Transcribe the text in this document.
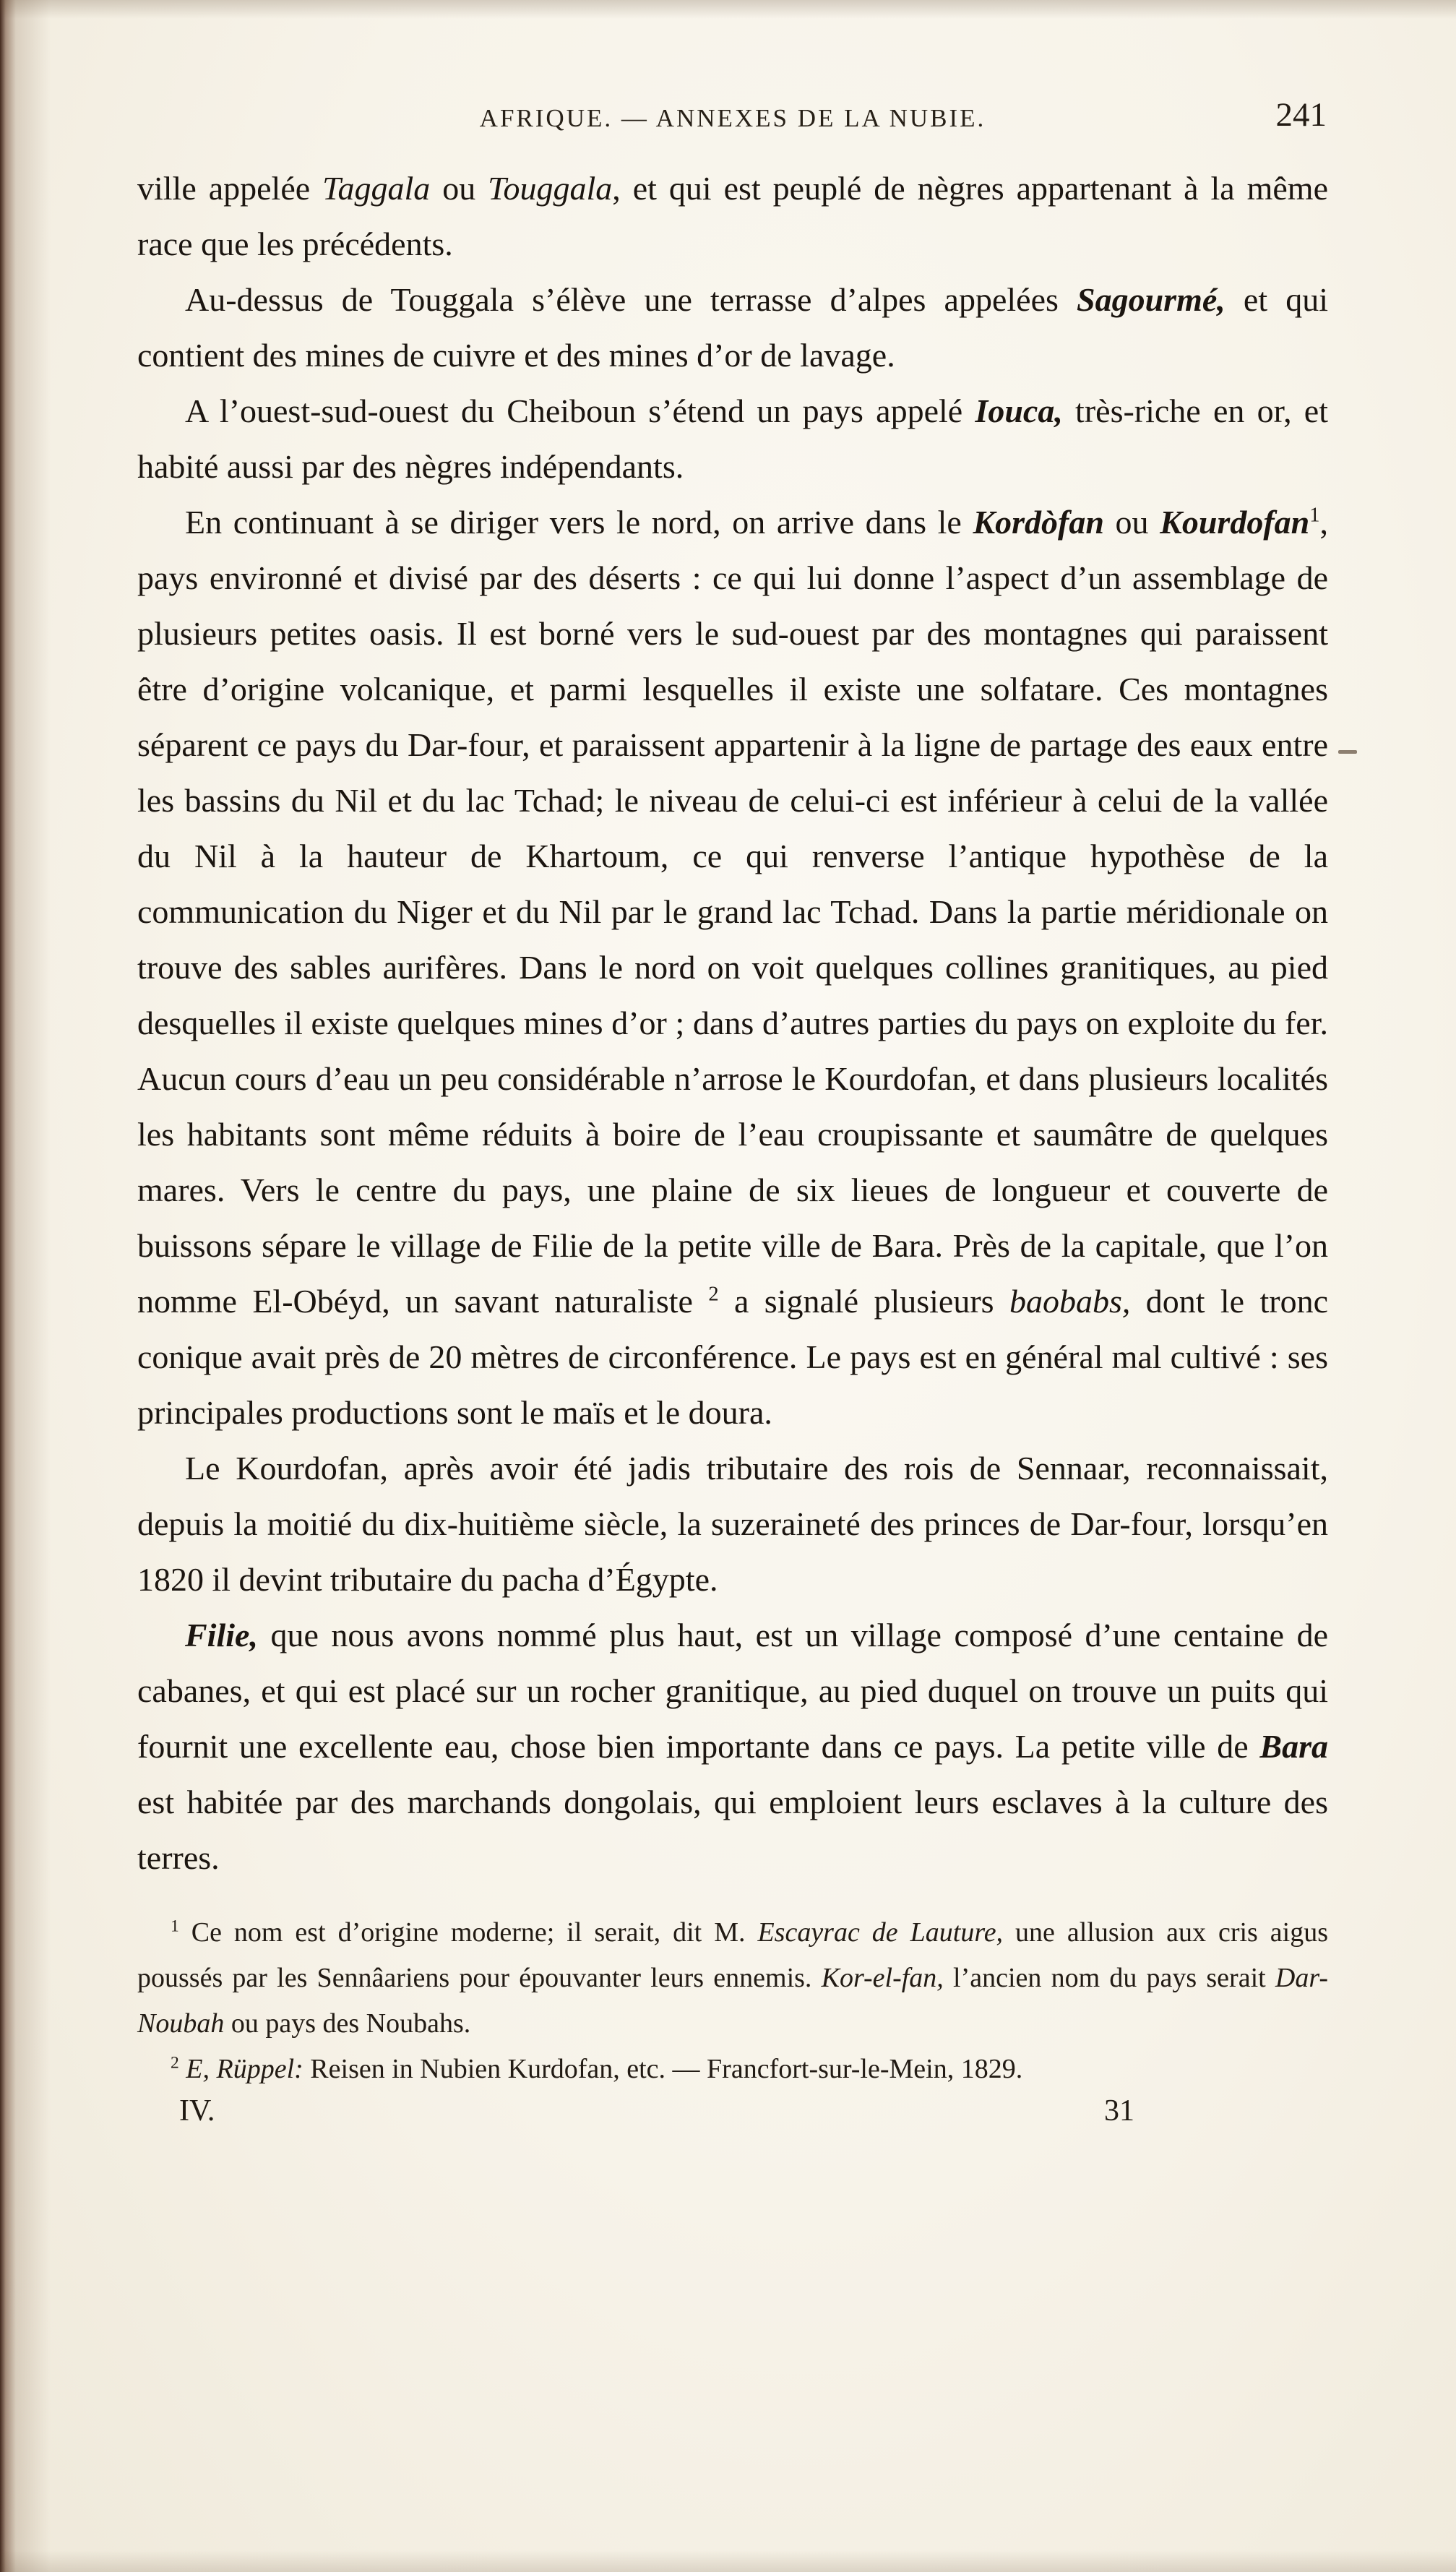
AFRIQUE. — ANNEXES DE LA NUBIE.	241

ville appelée Taggala ou Touggala, et qui est peuplé de nègres appartenant à la même race que les précédents.

Au-dessus de Touggala s’élève une terrasse d’alpes appelées Sagourmé, et qui contient des mines de cuivre et des mines d’or de lavage.

A l’ouest-sud-ouest du Cheiboun s’étend un pays appelé Iouca, très-riche en or, et habité aussi par des nègres indépendants.

En continuant à se diriger vers le nord, on arrive dans le Kordòfan ou Kourdofan$^1$, pays environné et divisé par des déserts : ce qui lui donne l’aspect d’un assemblage de plusieurs petites oasis. Il est borné vers le sud-ouest par des montagnes qui paraissent être d’origine volcanique, et parmi lesquelles il existe une solfatare. Ces montagnes séparent ce pays du Dar-four, et paraissent appartenir à la ligne de partage des eaux entre les bassins du Nil et du lac Tchad; le niveau de celui-ci est inférieur à celui de la vallée du Nil à la hauteur de Khartoum, ce qui renverse l’antique hypothèse de la communication du Niger et du Nil par le grand lac Tchad. Dans la partie méridionale on trouve des sables aurifères. Dans le nord on voit quelques collines granitiques, au pied desquelles il existe quelques mines d’or ; dans d’autres parties du pays on exploite du fer. Aucun cours d’eau un peu considérable n’arrose le Kourdofan, et dans plusieurs localités les habitants sont même réduits à boire de l’eau croupissante et saumâtre de quelques mares. Vers le centre du pays, une plaine de six lieues de longueur et couverte de buissons sépare le village de Filie de la petite ville de Bara. Près de la capitale, que l’on nomme El-Obéyd, un savant naturaliste $^2$ a signalé plusieurs baobabs, dont le tronc conique avait près de 20 mètres de circonférence. Le pays est en général mal cultivé : ses principales productions sont le maïs et le doura.

Le Kourdofan, après avoir été jadis tributaire des rois de Sennaar, reconnaissait, depuis la moitié du dix-huitième siècle, la suzeraineté des princes de Dar-four, lorsqu’en 1820 il devint tributaire du pacha d’Égypte.

Filie, que nous avons nommé plus haut, est un village composé d’une centaine de cabanes, et qui est placé sur un rocher granitique, au pied duquel on trouve un puits qui fournit une excellente eau, chose bien importante dans ce pays. La petite ville de Bara est habitée par des marchands dongolais, qui emploient leurs esclaves à la culture des terres.

$^1$ Ce nom est d’origine moderne; il serait, dit M. Escayrac de Lauture, une allusion aux cris aigus poussés par les Sennâariens pour épouvanter leurs ennemis. Kor-el-fan, l’ancien nom du pays serait Dar-Noubah ou pays des Noubahs.

$^2$ E, Rüppel: Reisen in Nubien Kurdofan, etc. — Francfort-sur-le-Mein, 1829.

IV.	31
